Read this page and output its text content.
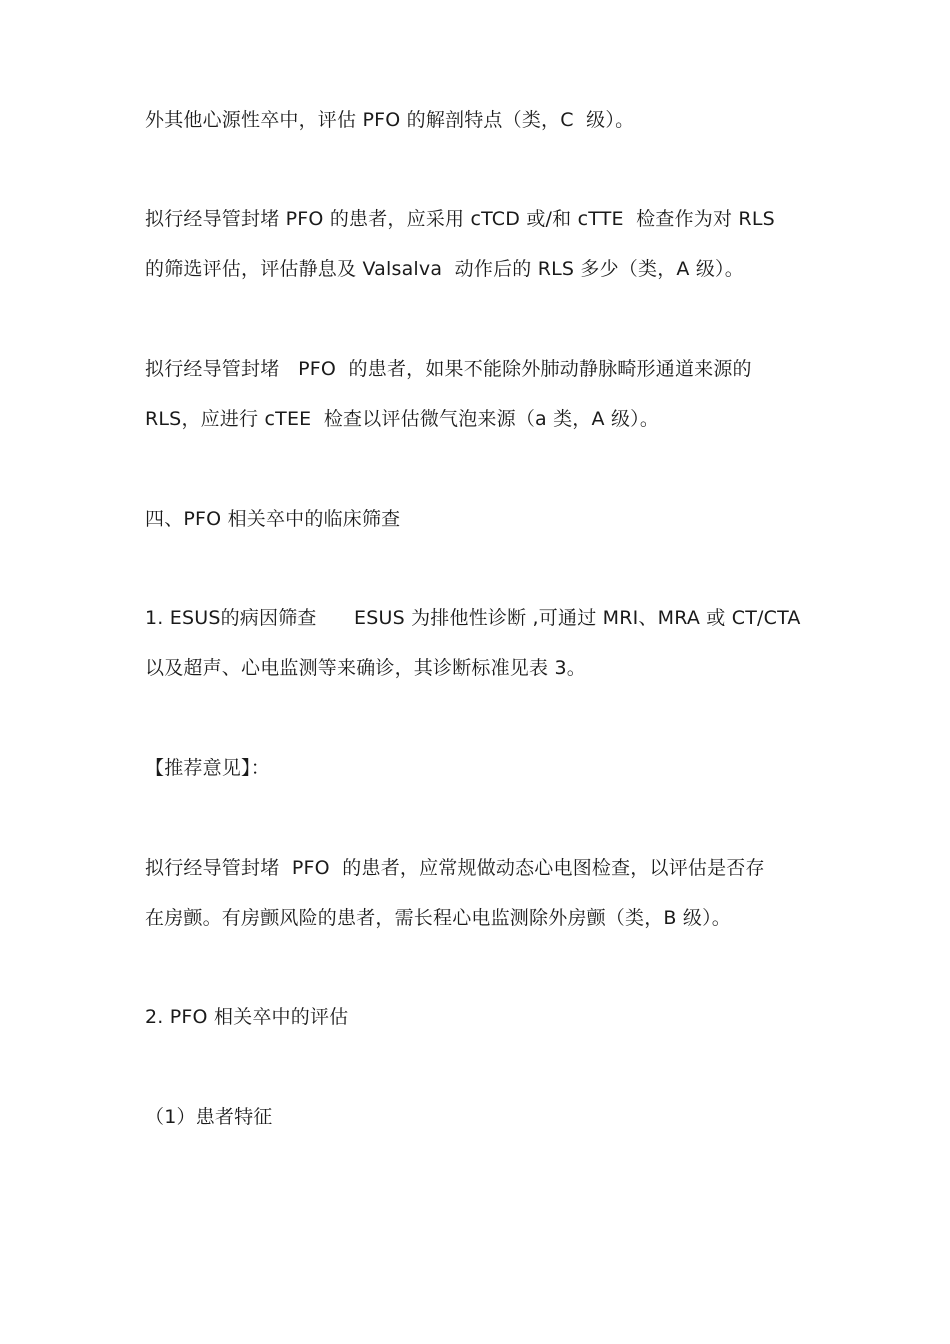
外其他心源性卒中，评估 PFO 的解剖特点（类，C  级）。
拟行经导管封堵 PFO 的患者，应采用 cTCD 或/和 cTTE  检查作为对 RLS
的筛选评估，评估静息及 Valsalva  动作后的 RLS 多少（类，A 级）。
拟行经导管封堵   PFO  的患者，如果不能除外肺动静脉畸形通道来源的
RLS，应进行 cTEE  检查以评估微气泡来源（a 类，A 级）。
四、PFO 相关卒中的临床筛查
1. ESUS的病因筛查      ESUS 为排他性诊断 ,可通过 MRI、MRA 或 CT/CTA
以及超声、心电监测等来确诊，其诊断标准见表 3。
【推荐意见】：
拟行经导管封堵  PFO  的患者，应常规做动态心电图检查，以评估是否存
在房颤。有房颤风险的患者，需长程心电监测除外房颤（类，B 级）。
2. PFO 相关卒中的评估
（1）患者特征
